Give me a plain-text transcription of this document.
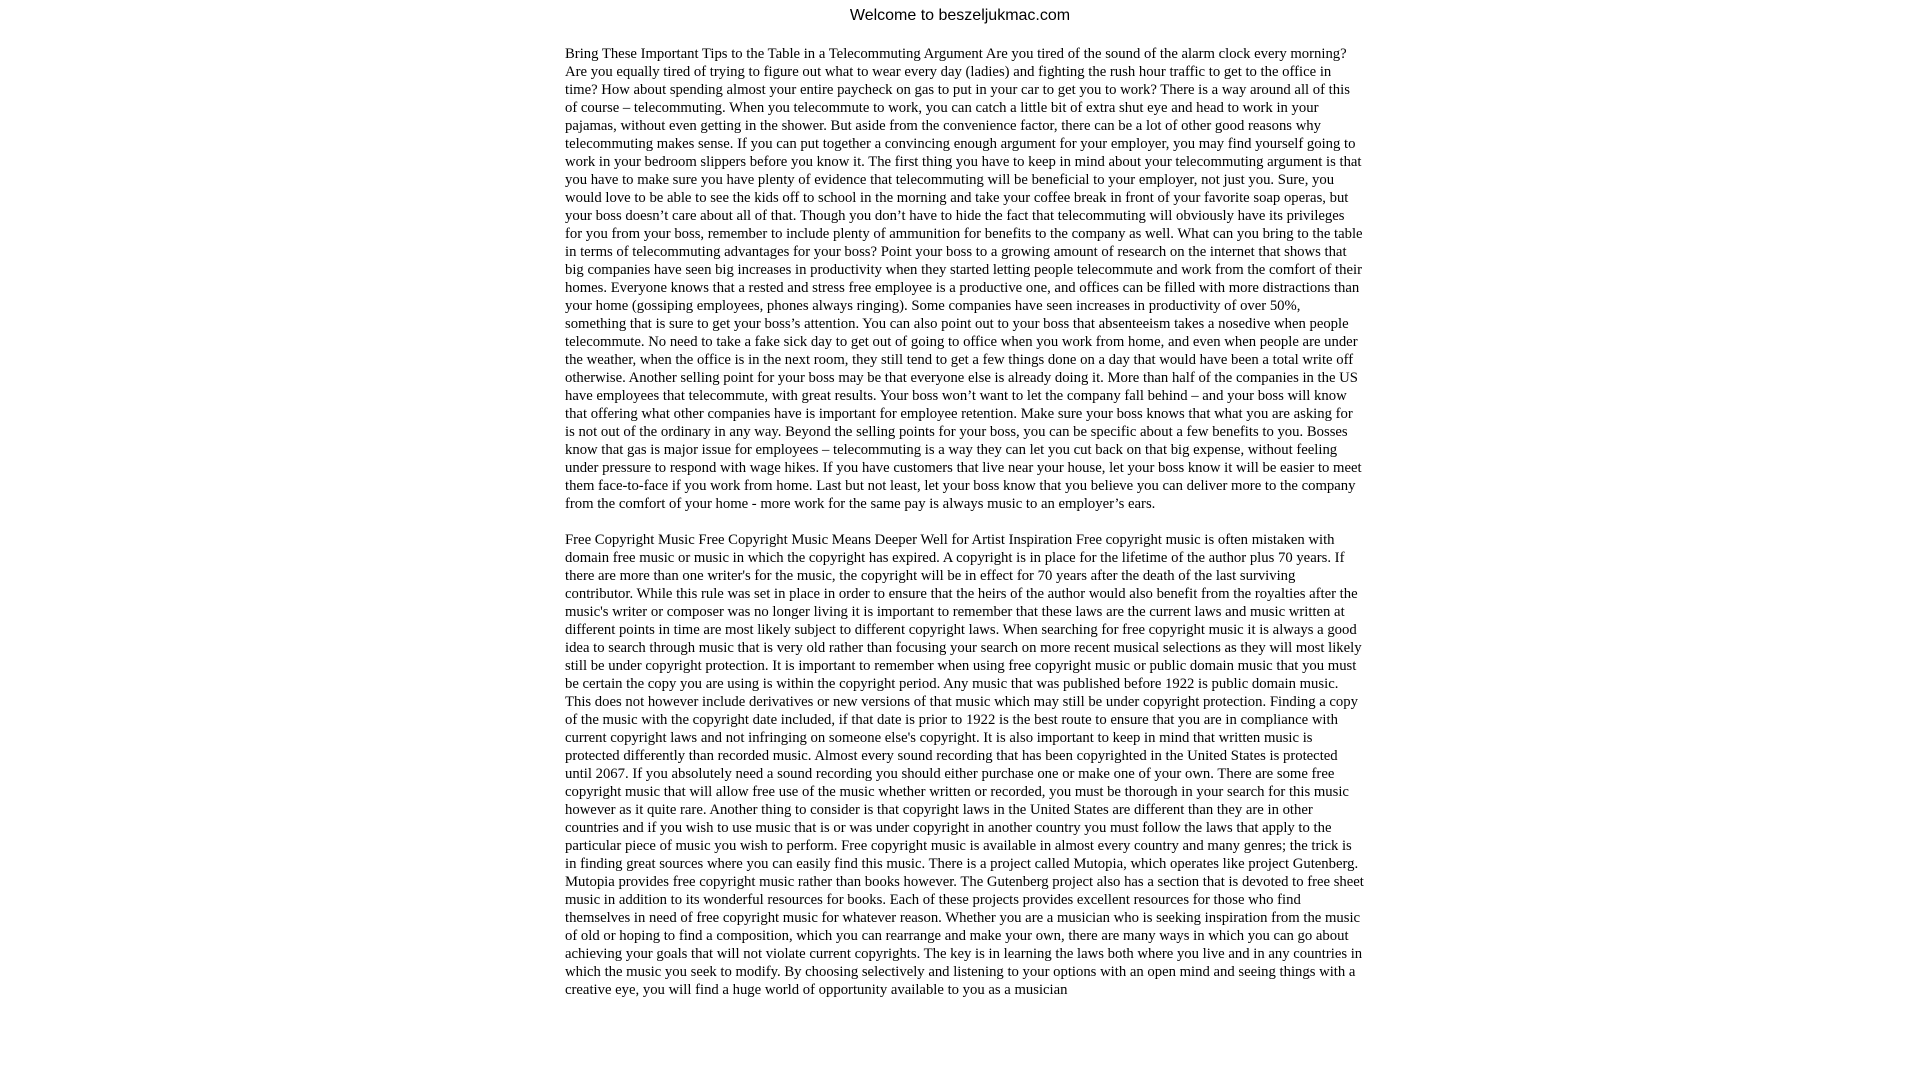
Welcome to beszeljukmac.com

Bring These Important Tips to the Table in a Telecommuting Argument Are you tired of the sound of the alarm clock every morning? Are you equally tired of trying to figure out what to wear every day (ladies) and fighting the rush hour traffic to get to the office in time? How about spending almost your entire paycheck on gas to put in your car to get you to work? There is a way around all of this of course – telecommuting. When you telecommute to work, you can catch a little bit of extra shut eye and head to work in your pajamas, without even getting in the shower. But aside from the convenience factor, there can be a lot of other good reasons why telecommuting makes sense. If you can put together a convincing enough argument for your employer, you may find yourself going to work in your bedroom slippers before you know it. The first thing you have to keep in mind about your telecommuting argument is that you have to make sure you have plenty of evidence that telecommuting will be beneficial to your employer, not just you. Sure, you would love to be able to see the kids off to school in the morning and take your coffee break in front of your favorite soap operas, but your boss doesn’t care about all of that. Though you don’t have to hide the fact that telecommuting will obviously have its privileges for you from your boss, remember to include plenty of ammunition for benefits to the company as well. What can you bring to the table in terms of telecommuting advantages for your boss? Point your boss to a growing amount of research on the internet that shows that big companies have seen big increases in productivity when they started letting people telecommute and work from the comfort of their homes. Everyone knows that a rested and stress free employee is a productive one, and offices can be filled with more distractions than your home (gossiping employees, phones always ringing). Some companies have seen increases in productivity of over 50%, something that is sure to get your boss’s attention. You can also point out to your boss that absenteeism takes a nosedive when people telecommute. No need to take a fake sick day to get out of going to office when you work from home, and even when people are under the weather, when the office is in the next room, they still tend to get a few things done on a day that would have been a total write off otherwise. Another selling point for your boss may be that everyone else is already doing it. More than half of the companies in the US have employees that telecommute, with great results. Your boss won’t want to let the company fall behind – and your boss will know that offering what other companies have is important for employee retention. Make sure your boss knows that what you are asking for is not out of the ordinary in any way. Beyond the selling points for your boss, you can be specific about a few benefits to you. Bosses know that gas is major issue for employees – telecommuting is a way they can let you cut back on that big expense, without feeling under pressure to respond with wage hikes. If you have customers that live near your house, let your boss know it will be easier to meet them face-to-face if you work from home. Last but not least, let your boss know that you believe you can deliver more to the company from the comfort of your home - more work for the same pay is always music to an employer’s ears.

Free Copyright Music Free Copyright Music Means Deeper Well for Artist Inspiration Free copyright music is often mistaken with domain free music or music in which the copyright has expired. A copyright is in place for the lifetime of the author plus 70 years. If there are more than one writer's for the music, the copyright will be in effect for 70 years after the death of the last surviving contributor. While this rule was set in place in order to ensure that the heirs of the author would also benefit from the royalties after the music's writer or composer was no longer living it is important to remember that these laws are the current laws and music written at different points in time are most likely subject to different copyright laws. When searching for free copyright music it is always a good idea to search through music that is very old rather than focusing your search on more recent musical selections as they will most likely still be under copyright protection. It is important to remember when using free copyright music or public domain music that you must be certain the copy you are using is within the copyright period. Any music that was published before 1922 is public domain music. This does not however include derivatives or new versions of that music which may still be under copyright protection. Finding a copy of the music with the copyright date included, if that date is prior to 1922 is the best route to ensure that you are in compliance with current copyright laws and not infringing on someone else's copyright. It is also important to keep in mind that written music is protected differently than recorded music. Almost every sound recording that has been copyrighted in the United States is protected until 2067. If you absolutely need a sound recording you should either purchase one or make one of your own. There are some free copyright music that will allow free use of the music whether written or recorded, you must be thorough in your search for this music however as it quite rare. Another thing to consider is that copyright laws in the United States are different than they are in other countries and if you wish to use music that is or was under copyright in another country you must follow the laws that apply to the particular piece of music you wish to perform. Free copyright music is available in almost every country and many genres; the trick is in finding great sources where you can easily find this music. There is a project called Mutopia, which operates like project Gutenberg. Mutopia provides free copyright music rather than books however. The Gutenberg project also has a section that is devoted to free sheet music in addition to its wonderful resources for books. Each of these projects provides excellent resources for those who find themselves in need of free copyright music for whatever reason. Whether you are a musician who is seeking inspiration from the music of old or hoping to find a composition, which you can rearrange and make your own, there are many ways in which you can go about achieving your goals that will not violate current copyrights. The key is in learning the laws both where you live and in any countries in which the music you seek to modify. By choosing selectively and listening to your options with an open mind and seeing things with a creative eye, you will find a huge world of opportunity available to you as a musician
